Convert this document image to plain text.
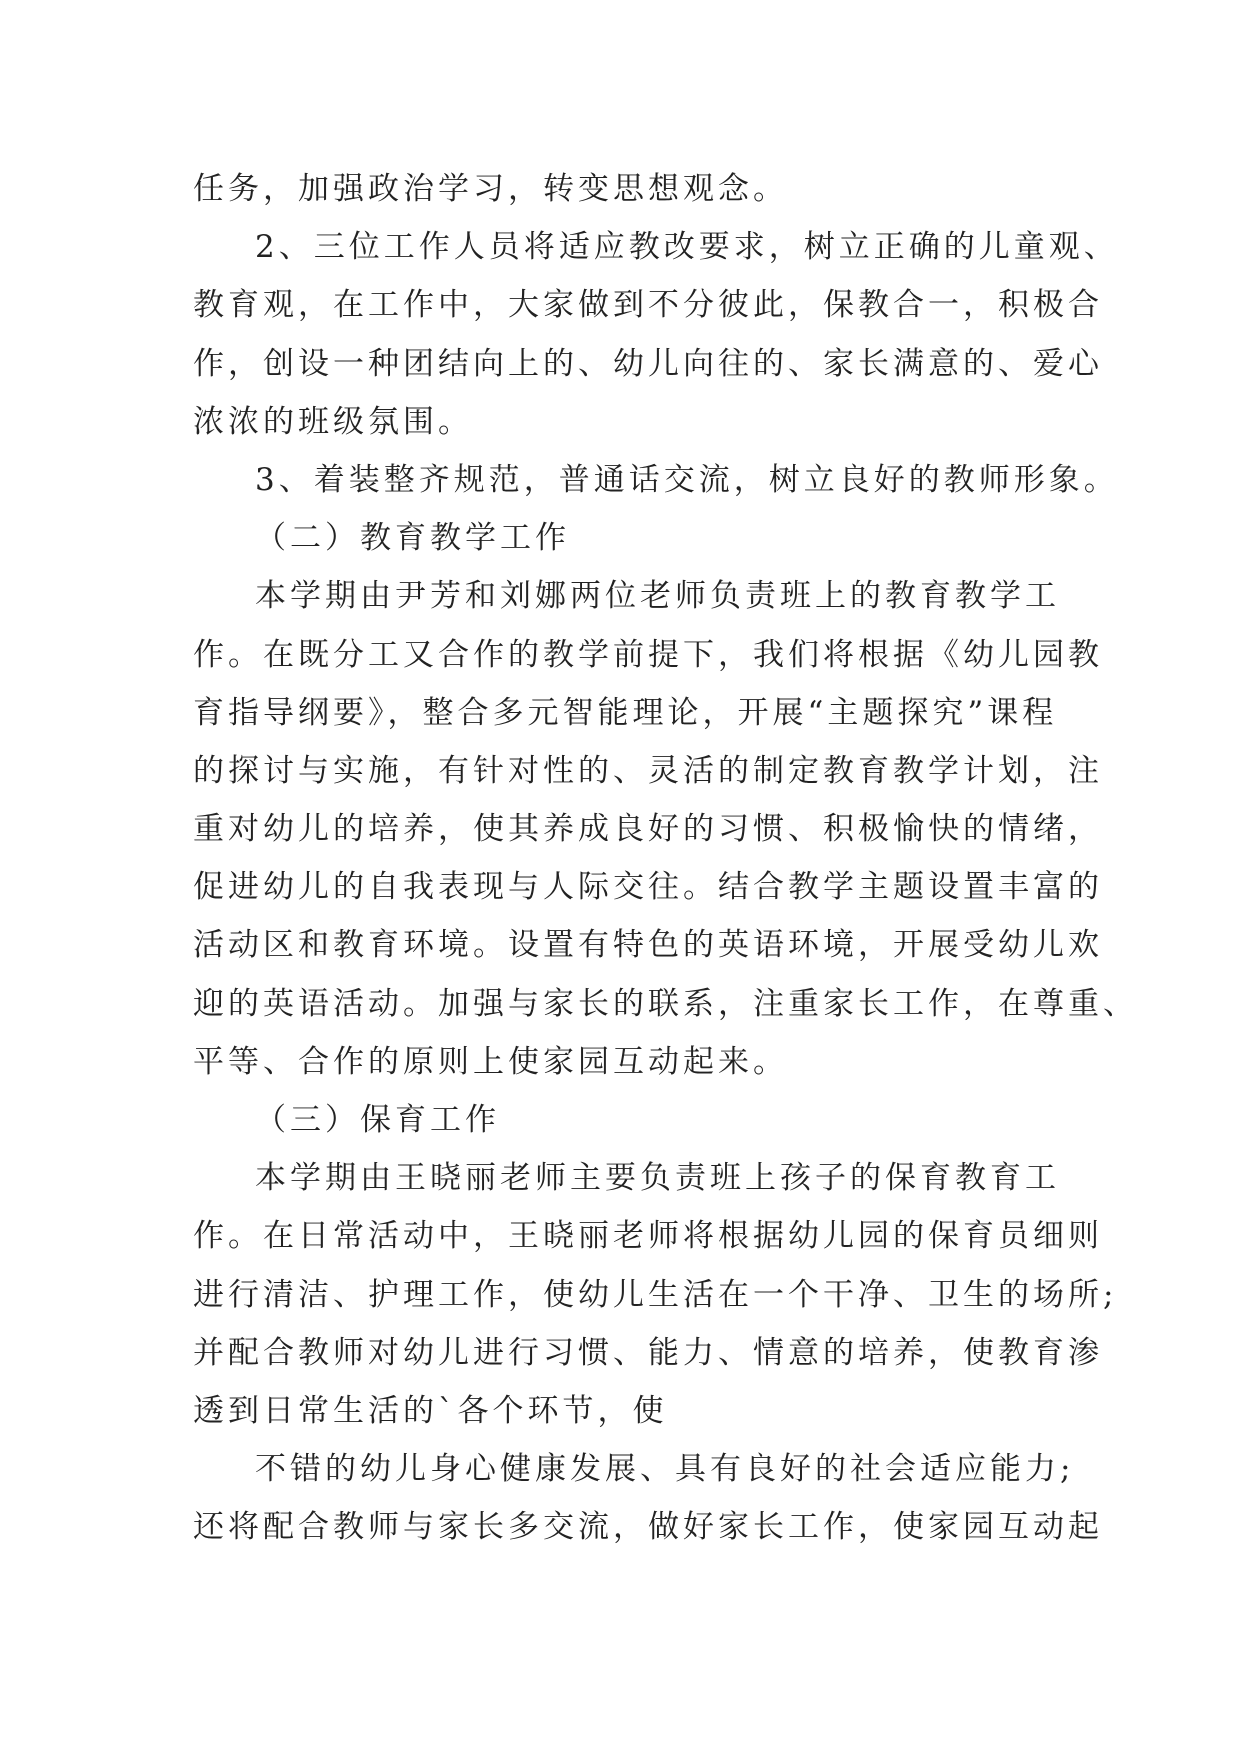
任务，加强政治学习，转变思想观念。
2、三位工作人员将适应教改要求，树立正确的儿童观、
教育观，在工作中，大家做到不分彼此，保教合一，积极合
作，创设一种团结向上的、幼儿向往的、家长满意的、爱心
浓浓的班级氛围。
3、着装整齐规范，普通话交流，树立良好的教师形象。
（二）教育教学工作
本学期由尹芳和刘娜两位老师负责班上的教育教学工
作。在既分工又合作的教学前提下，我们将根据《幼儿园教
育指导纲要》，整合多元智能理论，开展“主题探究”课程
的探讨与实施，有针对性的、灵活的制定教育教学计划，注
重对幼儿的培养，使其养成良好的习惯、积极愉快的情绪，
促进幼儿的自我表现与人际交往。结合教学主题设置丰富的
活动区和教育环境。设置有特色的英语环境，开展受幼儿欢
迎的英语活动。加强与家长的联系，注重家长工作，在尊重、
平等、合作的原则上使家园互动起来。
（三）保育工作
本学期由王晓丽老师主要负责班上孩子的保育教育工
作。在日常活动中，王晓丽老师将根据幼儿园的保育员细则
进行清洁、护理工作，使幼儿生活在一个干净、卫生的场所;
并配合教师对幼儿进行习惯、能力、情意的培养，使教育渗
透到日常生活的`各个环节，使
不错的幼儿身心健康发展、具有良好的社会适应能力;
还将配合教师与家长多交流，做好家长工作，使家园互动起
